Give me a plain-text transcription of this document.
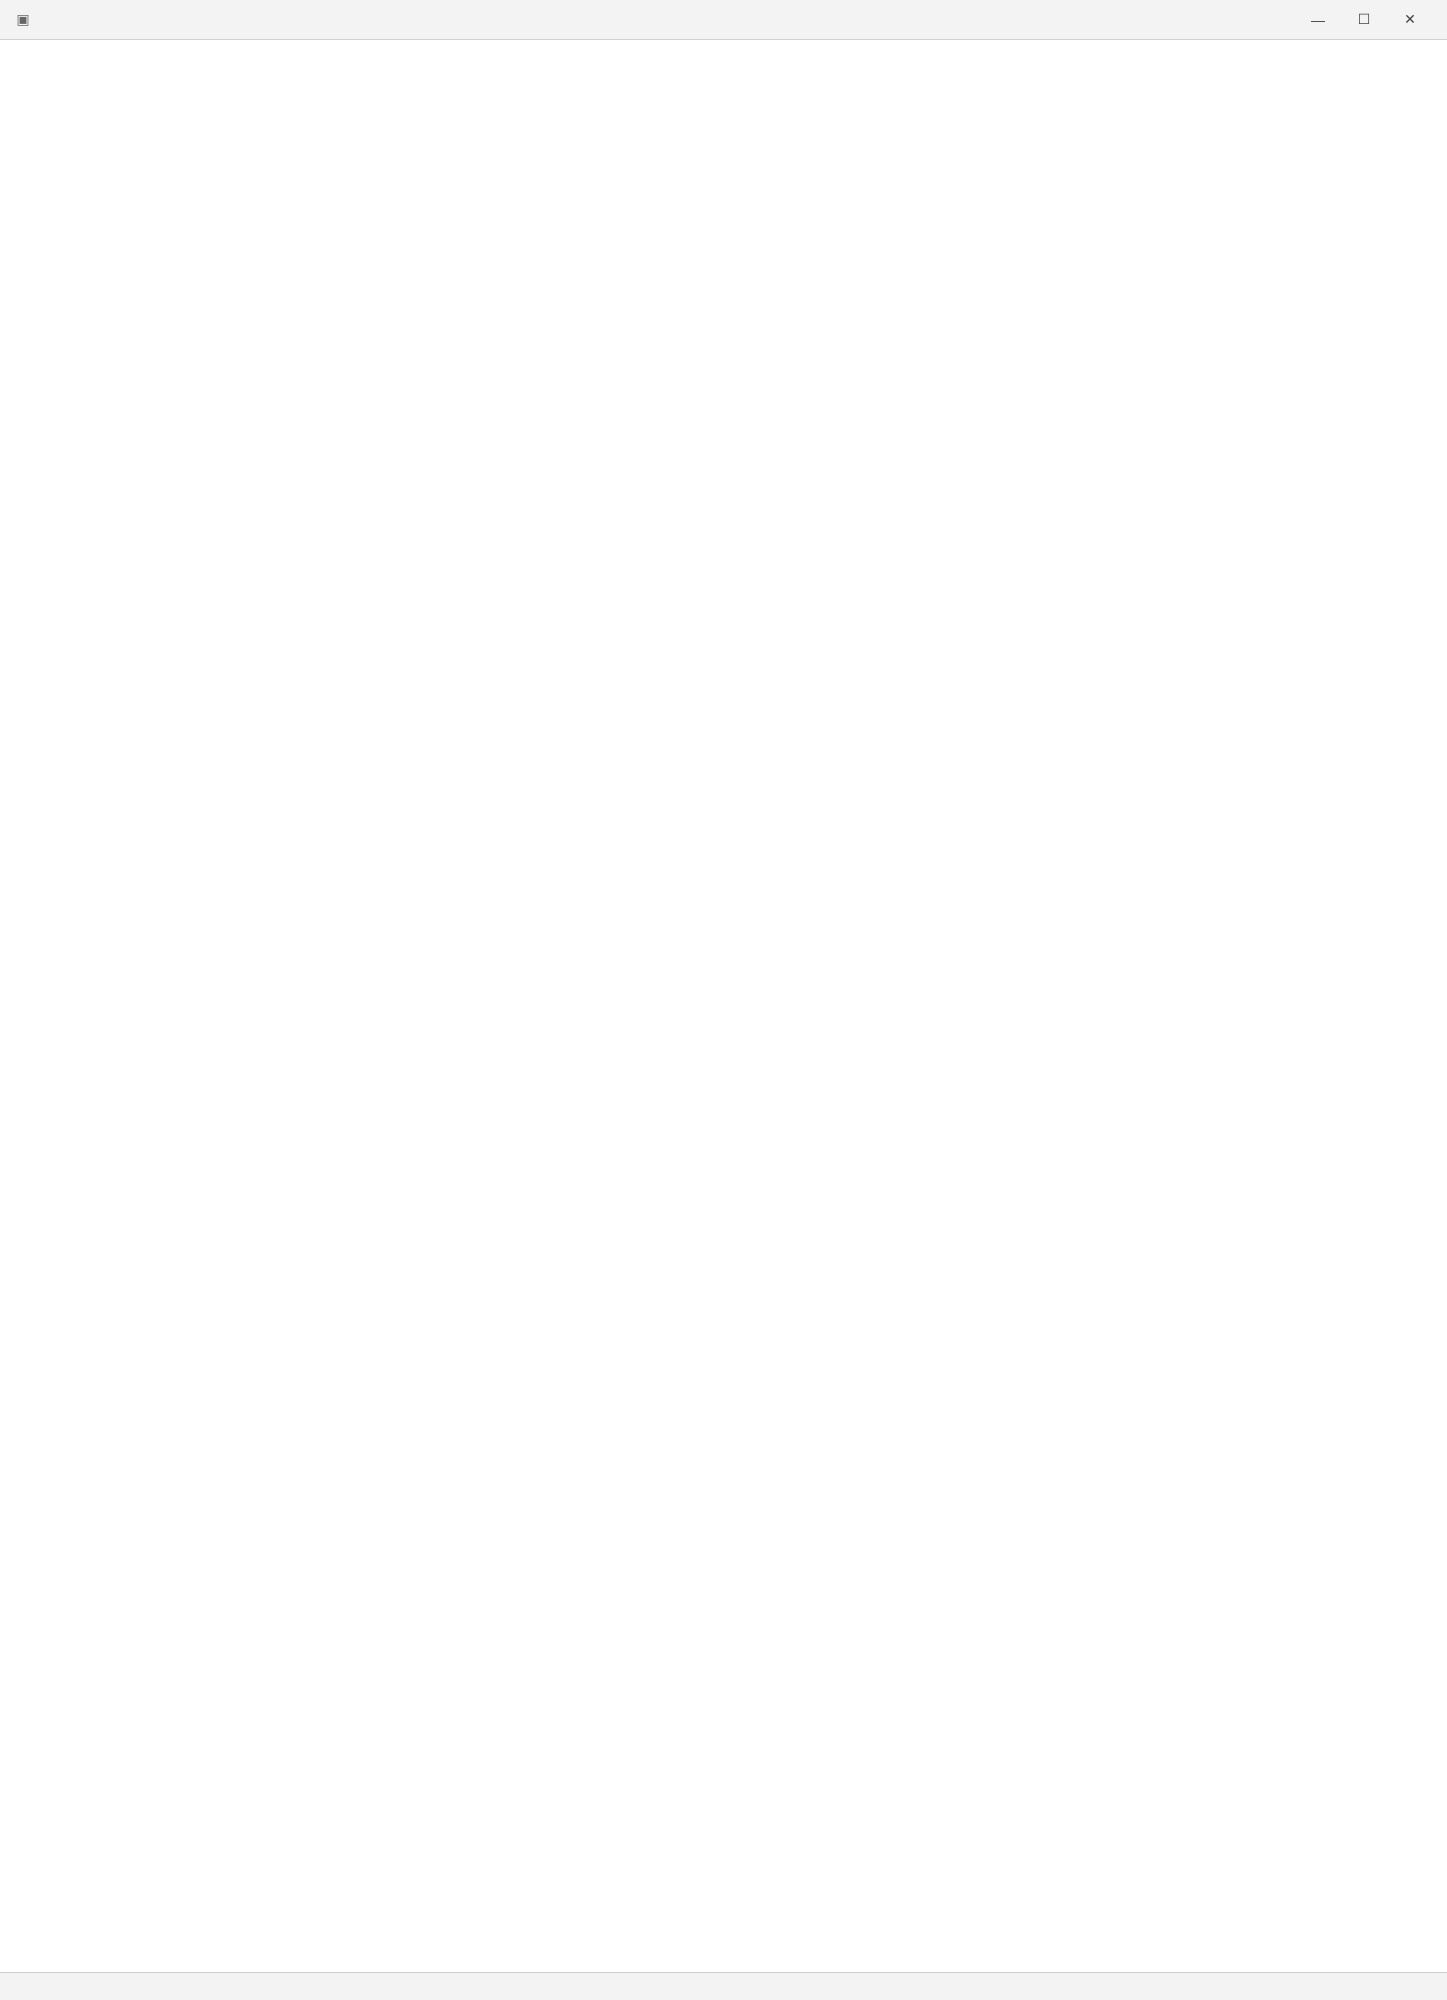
▣	—	☐	✕
